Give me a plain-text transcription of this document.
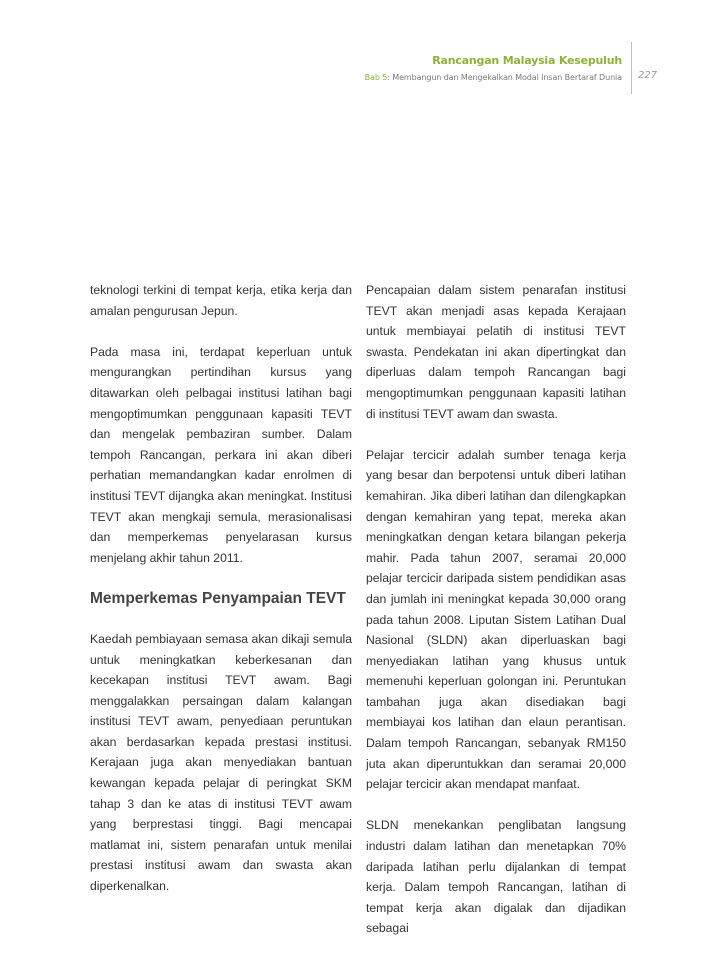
Rancangan Malaysia Kesepuluh
Bab 5: Membangun dan Mengekalkan Modal Insan Bertaraf Dunia 227

teknologi terkini di tempat kerja, etika kerja dan amalan pengurusan Jepun.

Pada masa ini, terdapat keperluan untuk mengurangkan pertindihan kursus yang ditawarkan oleh pelbagai institusi latihan bagi mengoptimumkan penggunaan kapasiti TEVT dan mengelak pembaziran sumber. Dalam tempoh Rancangan, perkara ini akan diberi perhatian memandangkan kadar enrolmen di institusi TEVT dijangka akan meningkat. Institusi TEVT akan mengkaji semula, merasionalisasi dan memperkemas penyelarasan kursus menjelang akhir tahun 2011.

Memperkemas Penyampaian TEVT

Kaedah pembiayaan semasa akan dikaji semula untuk meningkatkan keberkesanan dan kecekapan institusi TEVT awam. Bagi menggalakkan persaingan dalam kalangan institusi TEVT awam, penyediaan peruntukan akan berdasarkan kepada prestasi institusi. Kerajaan juga akan menyediakan bantuan kewangan kepada pelajar di peringkat SKM tahap 3 dan ke atas di institusi TEVT awam yang berprestasi tinggi. Bagi mencapai matlamat ini, sistem penarafan untuk menilai prestasi institusi awam dan swasta akan diperkenalkan.

Pencapaian dalam sistem penarafan institusi TEVT akan menjadi asas kepada Kerajaan untuk membiayai pelatih di institusi TEVT swasta. Pendekatan ini akan dipertingkat dan diperluas dalam tempoh Rancangan bagi mengoptimumkan penggunaan kapasiti latihan di institusi TEVT awam dan swasta.

Pelajar tercicir adalah sumber tenaga kerja yang besar dan berpotensi untuk diberi latihan kemahiran. Jika diberi latihan dan dilengkapkan dengan kemahiran yang tepat, mereka akan meningkatkan dengan ketara bilangan pekerja mahir. Pada tahun 2007, seramai 20,000 pelajar tercicir daripada sistem pendidikan asas dan jumlah ini meningkat kepada 30,000 orang pada tahun 2008. Liputan Sistem Latihan Dual Nasional (SLDN) akan diperluaskan bagi menyediakan latihan yang khusus untuk memenuhi keperluan golongan ini. Peruntukan tambahan juga akan disediakan bagi membiayai kos latihan dan elaun perantisan. Dalam tempoh Rancangan, sebanyak RM150 juta akan diperuntukkan dan seramai 20,000 pelajar tercicir akan mendapat manfaat.

SLDN menekankan penglibatan langsung industri dalam latihan dan menetapkan 70% daripada latihan perlu dijalankan di tempat kerja. Dalam tempoh Rancangan, latihan di tempat kerja akan digalak dan dijadikan sebagai
